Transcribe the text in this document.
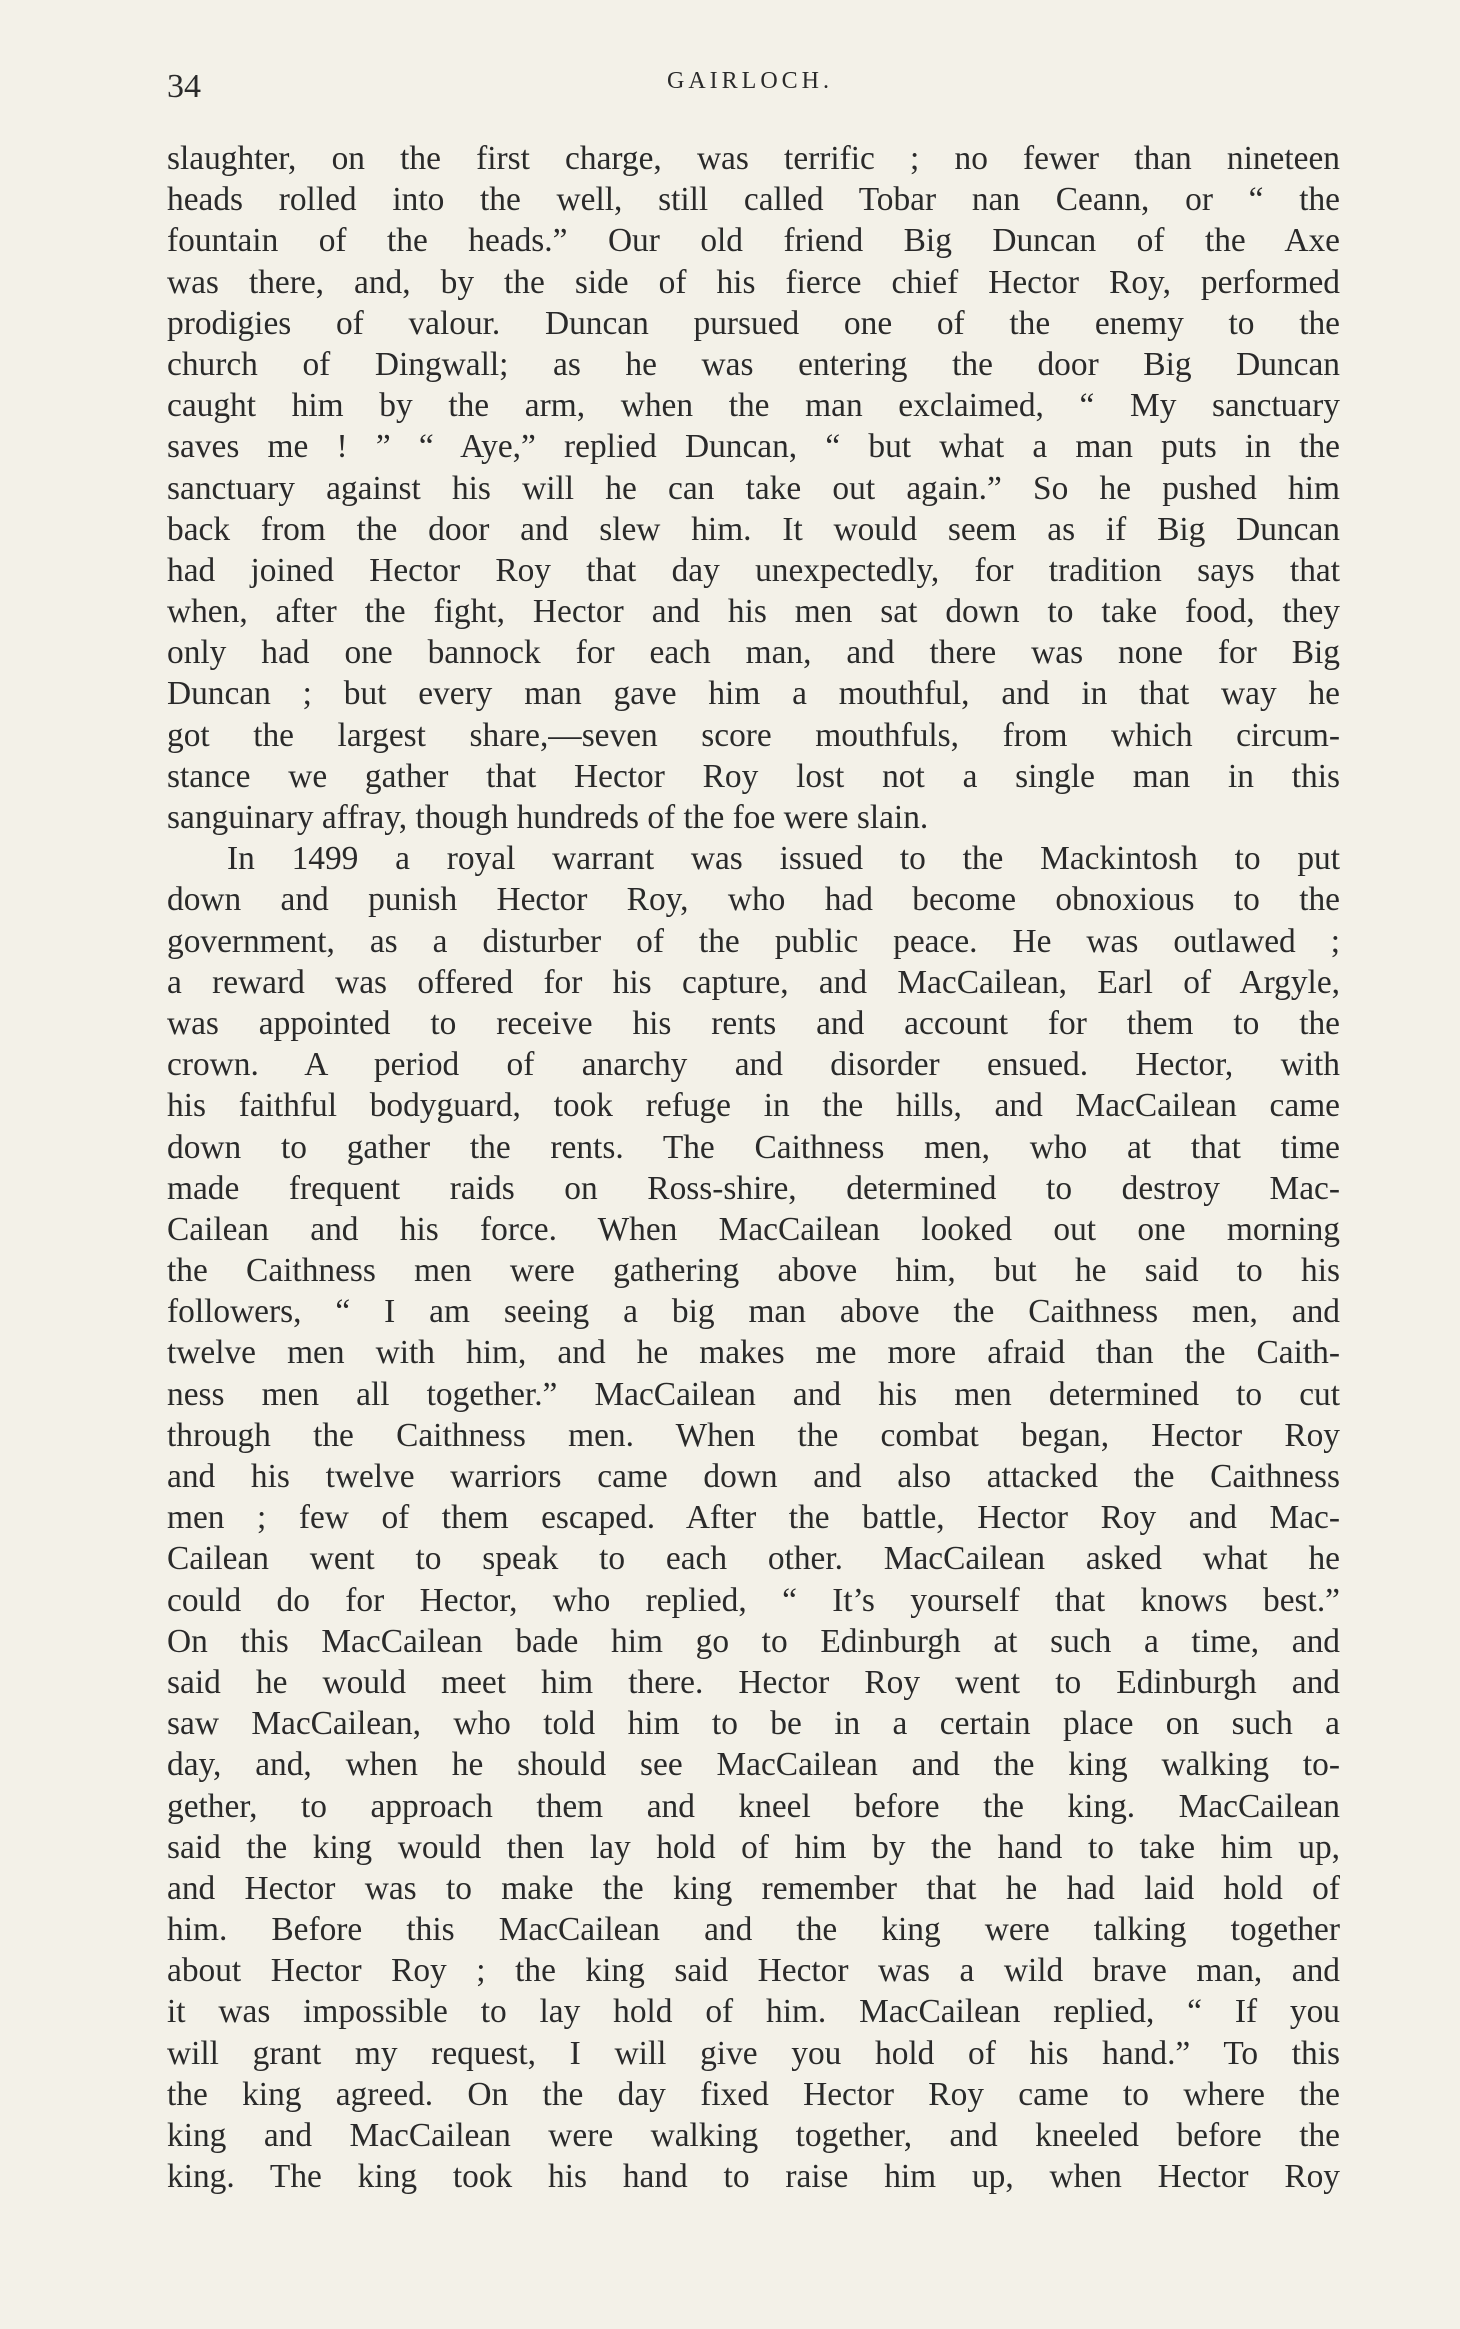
34	GAIRLOCH.
slaughter, on the first charge, was terrific ; no fewer than nineteen
heads rolled into the well, still called Tobar nan Ceann, or “ the
fountain of the heads.” Our old friend Big Duncan of the Axe
was there, and, by the side of his fierce chief Hector Roy, performed
prodigies of valour. Duncan pursued one of the enemy to the
church of Dingwall; as he was entering the door Big Duncan
caught him by the arm, when the man exclaimed, “ My sanctuary
saves me ! ” “ Aye,” replied Duncan, “ but what a man puts in the
sanctuary against his will he can take out again.” So he pushed him
back from the door and slew him. It would seem as if Big Duncan
had joined Hector Roy that day unexpectedly, for tradition says that
when, after the fight, Hector and his men sat down to take food, they
only had one bannock for each man, and there was none for Big
Duncan ; but every man gave him a mouthful, and in that way he
got the largest share,—seven score mouthfuls, from which circum-
stance we gather that Hector Roy lost not a single man in this
sanguinary affray, though hundreds of the foe were slain.
In 1499 a royal warrant was issued to the Mackintosh to put
down and punish Hector Roy, who had become obnoxious to the
government, as a disturber of the public peace. He was outlawed ;
a reward was offered for his capture, and MacCailean, Earl of Argyle,
was appointed to receive his rents and account for them to the
crown. A period of anarchy and disorder ensued. Hector, with
his faithful bodyguard, took refuge in the hills, and MacCailean came
down to gather the rents. The Caithness men, who at that time
made frequent raids on Ross-shire, determined to destroy Mac-
Cailean and his force. When MacCailean looked out one morning
the Caithness men were gathering above him, but he said to his
followers, “ I am seeing a big man above the Caithness men, and
twelve men with him, and he makes me more afraid than the Caith-
ness men all together.” MacCailean and his men determined to cut
through the Caithness men. When the combat began, Hector Roy
and his twelve warriors came down and also attacked the Caithness
men ; few of them escaped. After the battle, Hector Roy and Mac-
Cailean went to speak to each other. MacCailean asked what he
could do for Hector, who replied, “ It’s yourself that knows best.”
On this MacCailean bade him go to Edinburgh at such a time, and
said he would meet him there. Hector Roy went to Edinburgh and
saw MacCailean, who told him to be in a certain place on such a
day, and, when he should see MacCailean and the king walking to-
gether, to approach them and kneel before the king. MacCailean
said the king would then lay hold of him by the hand to take him up,
and Hector was to make the king remember that he had laid hold of
him. Before this MacCailean and the king were talking together
about Hector Roy ; the king said Hector was a wild brave man, and
it was impossible to lay hold of him. MacCailean replied, “ If you
will grant my request, I will give you hold of his hand.” To this
the king agreed. On the day fixed Hector Roy came to where the
king and MacCailean were walking together, and kneeled before the
king. The king took his hand to raise him up, when Hector Roy
